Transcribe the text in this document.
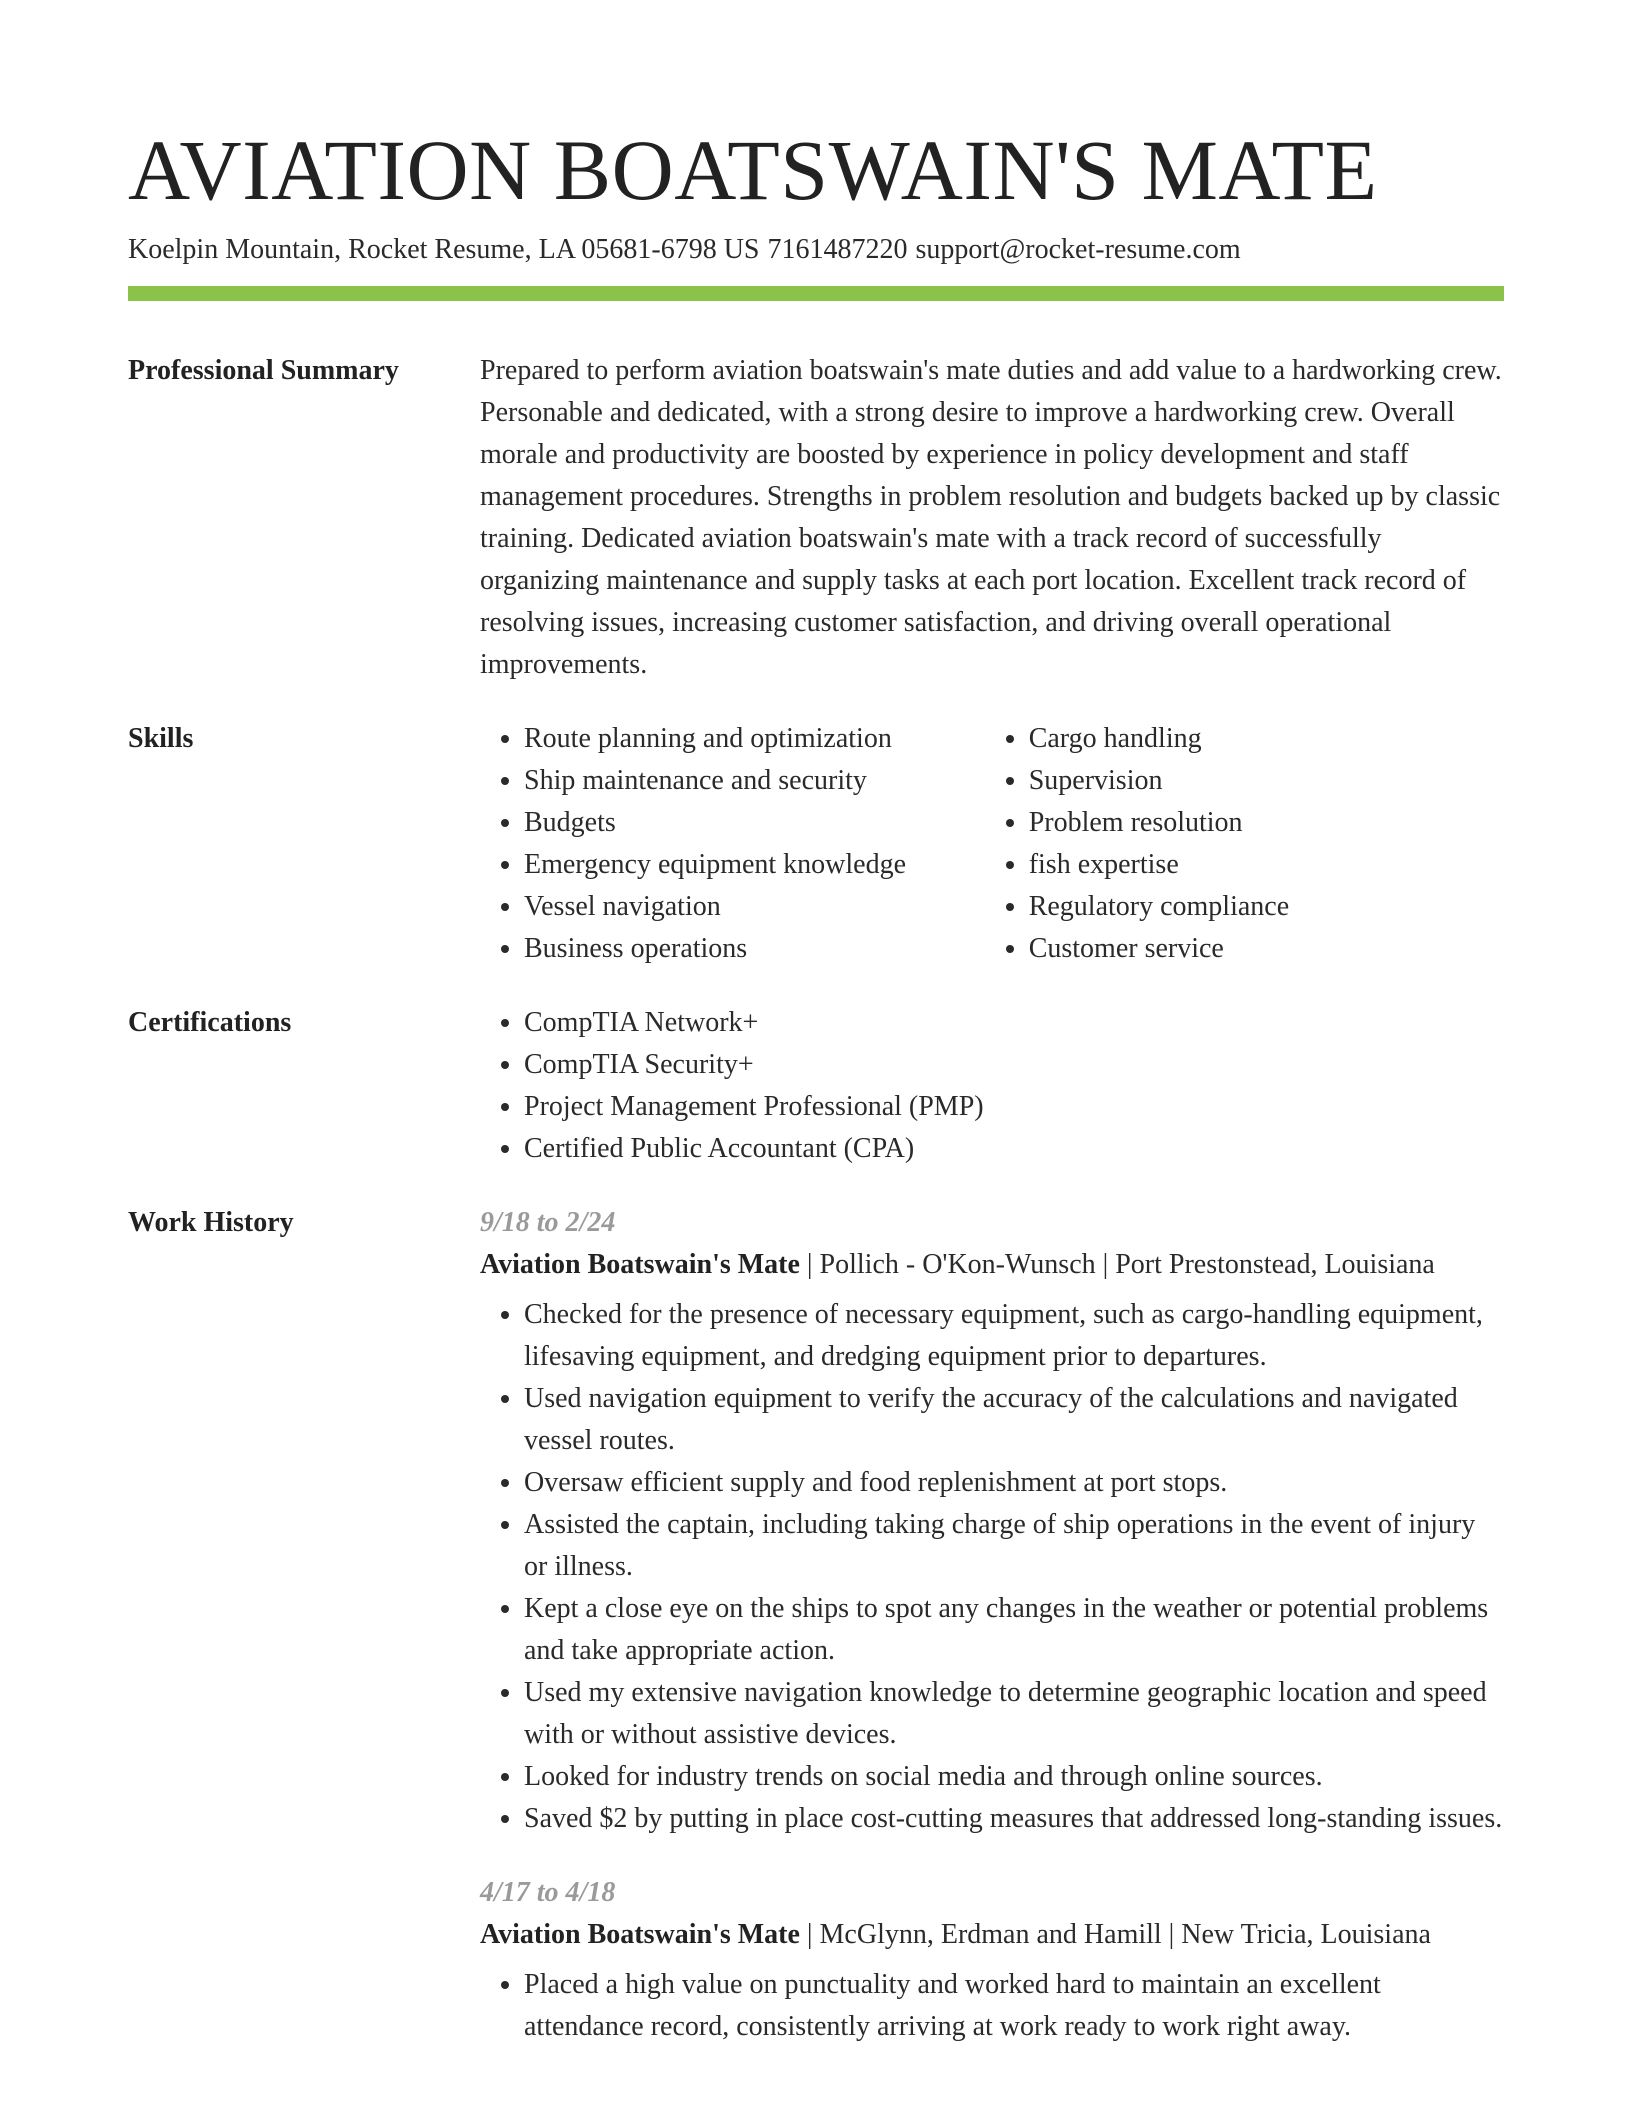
AVIATION BOATSWAIN'S MATE
Koelpin Mountain, Rocket Resume, LA 05681-6798 US 7161487220 support@rocket-resume.com
Professional Summary	Prepared to perform aviation boatswain's mate duties and add value to a hardworking crew. Personable and dedicated, with a strong desire to improve a hardworking crew. Overall morale and productivity are boosted by experience in policy development and staff management procedures. Strengths in problem resolution and budgets backed up by classic training. Dedicated aviation boatswain's mate with a track record of successfully organizing maintenance and supply tasks at each port location. Excellent track record of resolving issues, increasing customer satisfaction, and driving overall operational improvements.

Skills	• Route planning and optimization
• Ship maintenance and security
• Budgets
• Emergency equipment knowledge
• Vessel navigation
• Business operations
• Cargo handling
• Supervision
• Problem resolution
• fish expertise
• Regulatory compliance
• Customer service
Certifications	• CompTIA Network+
• CompTIA Security+
• Project Management Professional (PMP)
• Certified Public Accountant (CPA)
Work History	9/18 to 2/24
Aviation Boatswain's Mate | Pollich - O'Kon-Wunsch | Port Prestonstead, Louisiana
• Checked for the presence of necessary equipment, such as cargo-handling equipment, lifesaving equipment, and dredging equipment prior to departures.
• Used navigation equipment to verify the accuracy of the calculations and navigated vessel routes.
• Oversaw efficient supply and food replenishment at port stops.
• Assisted the captain, including taking charge of ship operations in the event of injury or illness.
• Kept a close eye on the ships to spot any changes in the weather or potential problems and take appropriate action.
• Used my extensive navigation knowledge to determine geographic location and speed with or without assistive devices.
• Looked for industry trends on social media and through online sources.
• Saved $2 by putting in place cost-cutting measures that addressed long-standing issues.
4/17 to 4/18
Aviation Boatswain's Mate | McGlynn, Erdman and Hamill | New Tricia, Louisiana
• Placed a high value on punctuality and worked hard to maintain an excellent attendance record, consistently arriving at work ready to work right away.
